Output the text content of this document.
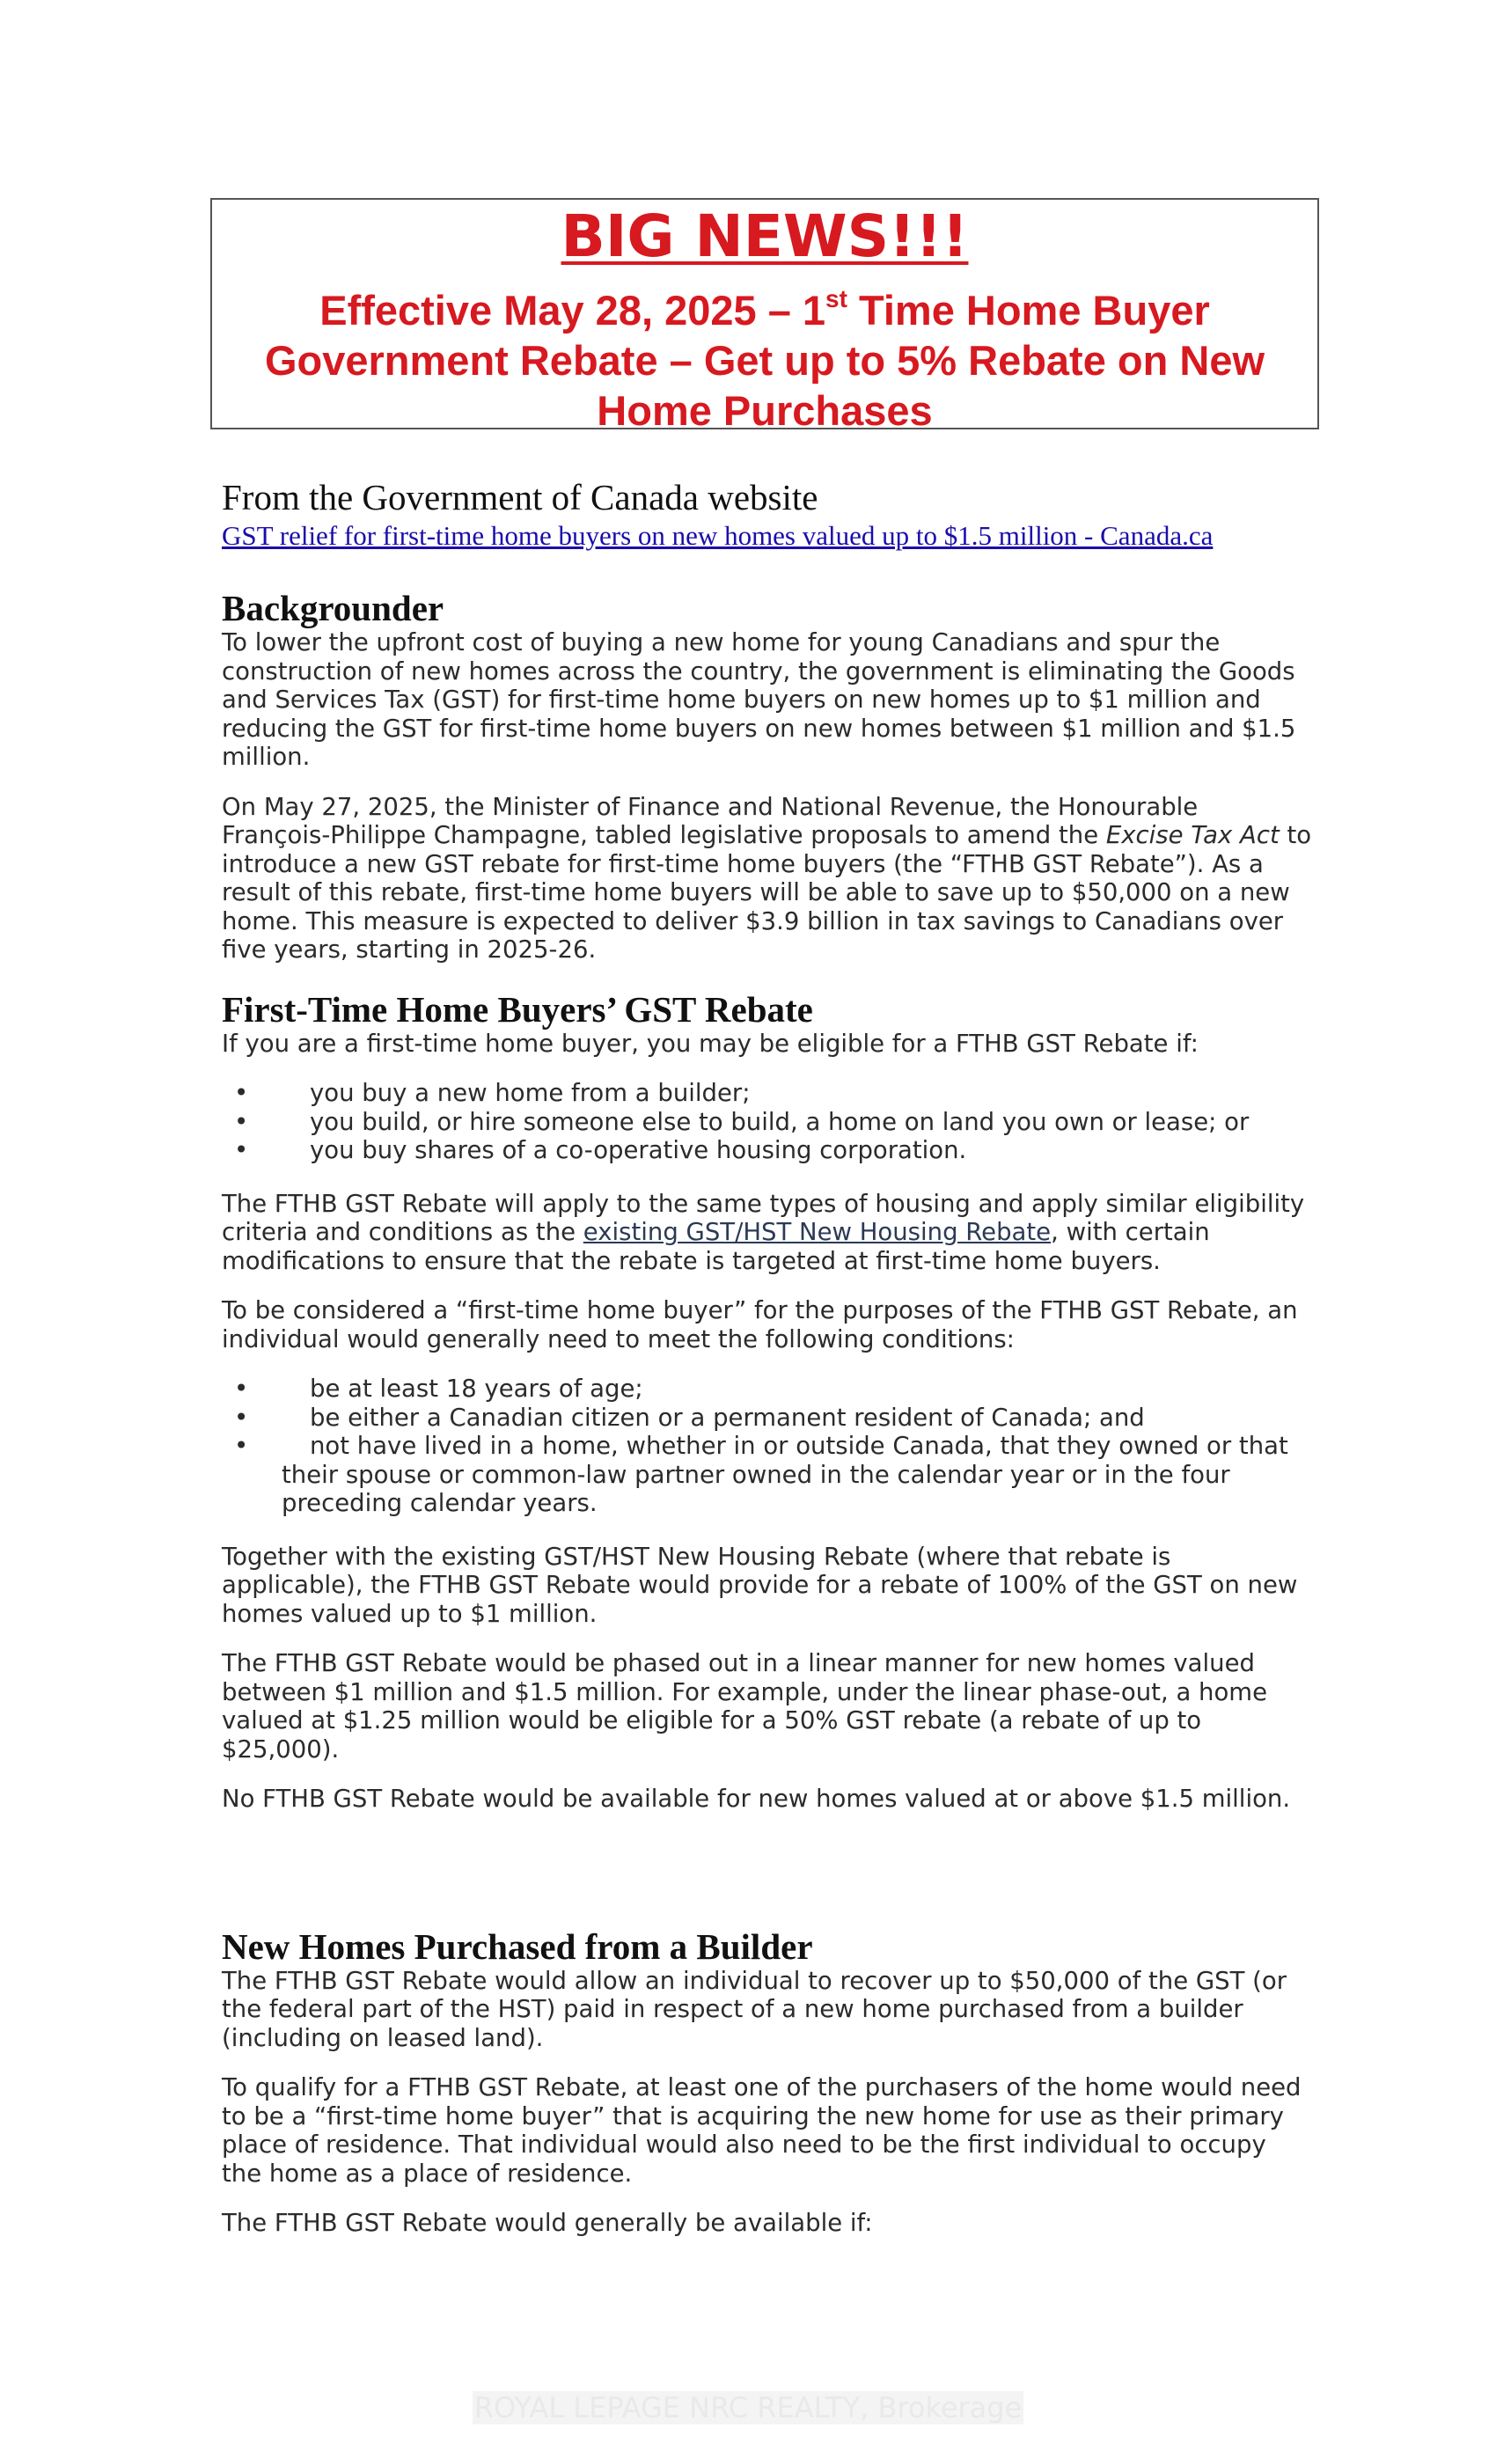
BIG NEWS!!!
Effective May 28, 2025 – 1st Time Home Buyer Government Rebate – Get up to 5% Rebate on New Home Purchases
From the Government of Canada website
GST relief for first-time home buyers on new homes valued up to $1.5 million - Canada.ca
Backgrounder

To lower the upfront cost of buying a new home for young Canadians and spur the construction of new homes across the country, the government is eliminating the Goods and Services Tax (GST) for first-time home buyers on new homes up to $1 million and reducing the GST for first-time home buyers on new homes between $1 million and $1.5 million.

On May 27, 2025, the Minister of Finance and National Revenue, the Honourable François-Philippe Champagne, tabled legislative proposals to amend the Excise Tax Act to introduce a new GST rebate for first-time home buyers (the “FTHB GST Rebate”). As a result of this rebate, first-time home buyers will be able to save up to $50,000 on a new home. This measure is expected to deliver $3.9 billion in tax savings to Canadians over five years, starting in 2025-26.

First-Time Home Buyers’ GST Rebate

If you are a first-time home buyer, you may be eligible for a FTHB GST Rebate if:

•	you buy a new home from a builder;
•	you build, or hire someone else to build, a home on land you own or lease; or
•	you buy shares of a co-operative housing corporation.

The FTHB GST Rebate will apply to the same types of housing and apply similar eligibility criteria and conditions as the existing GST/HST New Housing Rebate, with certain modifications to ensure that the rebate is targeted at first-time home buyers.

To be considered a “first-time home buyer” for the purposes of the FTHB GST Rebate, an individual would generally need to meet the following conditions:

•	be at least 18 years of age;
•	be either a Canadian citizen or a permanent resident of Canada; and
•	not have lived in a home, whether in or outside Canada, that they owned or that their spouse or common-law partner owned in the calendar year or in the four preceding calendar years.

Together with the existing GST/HST New Housing Rebate (where that rebate is applicable), the FTHB GST Rebate would provide for a rebate of 100% of the GST on new homes valued up to $1 million.

The FTHB GST Rebate would be phased out in a linear manner for new homes valued between $1 million and $1.5 million. For example, under the linear phase-out, a home valued at $1.25 million would be eligible for a 50% GST rebate (a rebate of up to $25,000).

No FTHB GST Rebate would be available for new homes valued at or above $1.5 million.

New Homes Purchased from a Builder

The FTHB GST Rebate would allow an individual to recover up to $50,000 of the GST (or the federal part of the HST) paid in respect of a new home purchased from a builder (including on leased land).

To qualify for a FTHB GST Rebate, at least one of the purchasers of the home would need to be a “first-time home buyer” that is acquiring the new home for use as their primary place of residence. That individual would also need to be the first individual to occupy the home as a place of residence.

The FTHB GST Rebate would generally be available if:

ROYAL LEPAGE NRC REALTY, Brokerage
